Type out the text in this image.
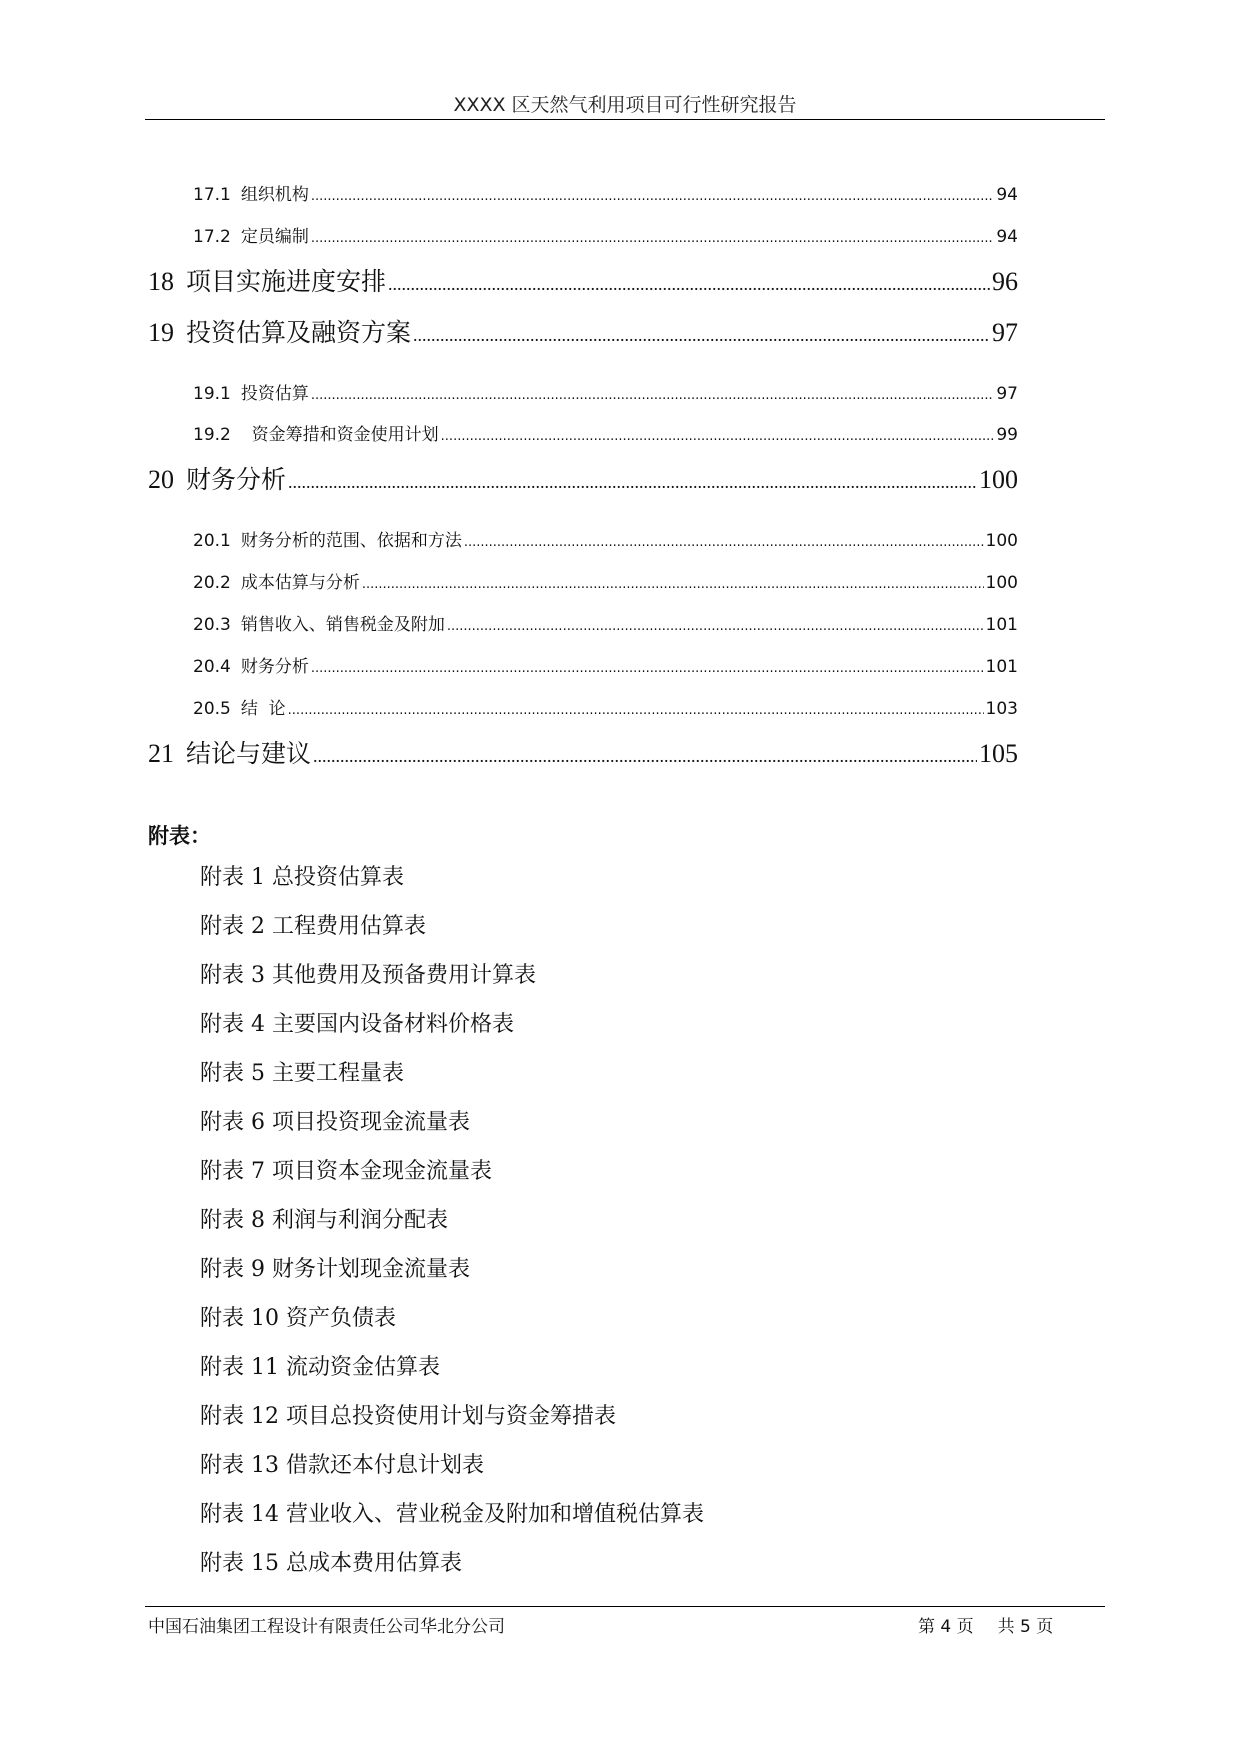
XXXX 区天然气利用项目可行性研究报告
17.1 组织机构 .....	94
17.2 定员编制 .....	94
18 项目实施进度安排 .....	96
19 投资估算及融资方案 .....	97
19.1 投资估算 .....	97
19.2 资金筹措和资金使用计划 .....	99
20 财务分析 .....	100
20.1 财务分析的范围、依据和方法 .....	100
20.2 成本估算与分析 .....	100
20.3 销售收入、销售税金及附加 .....	101
20.4 财务分析 .....	101
20.5 结  论 .....	103
21 结论与建议 .....	105
附表：
附表 1 总投资估算表
附表 2 工程费用估算表
附表 3 其他费用及预备费用计算表
附表 4 主要国内设备材料价格表
附表 5 主要工程量表
附表 6 项目投资现金流量表
附表 7 项目资本金现金流量表
附表 8 利润与利润分配表
附表 9 财务计划现金流量表
附表 10 资产负债表
附表 11 流动资金估算表
附表 12 项目总投资使用计划与资金筹措表
附表 13 借款还本付息计划表
附表 14 营业收入、营业税金及附加和增值税估算表
附表 15 总成本费用估算表
中国石油集团工程设计有限责任公司华北分公司	第 4 页 共 5 页
